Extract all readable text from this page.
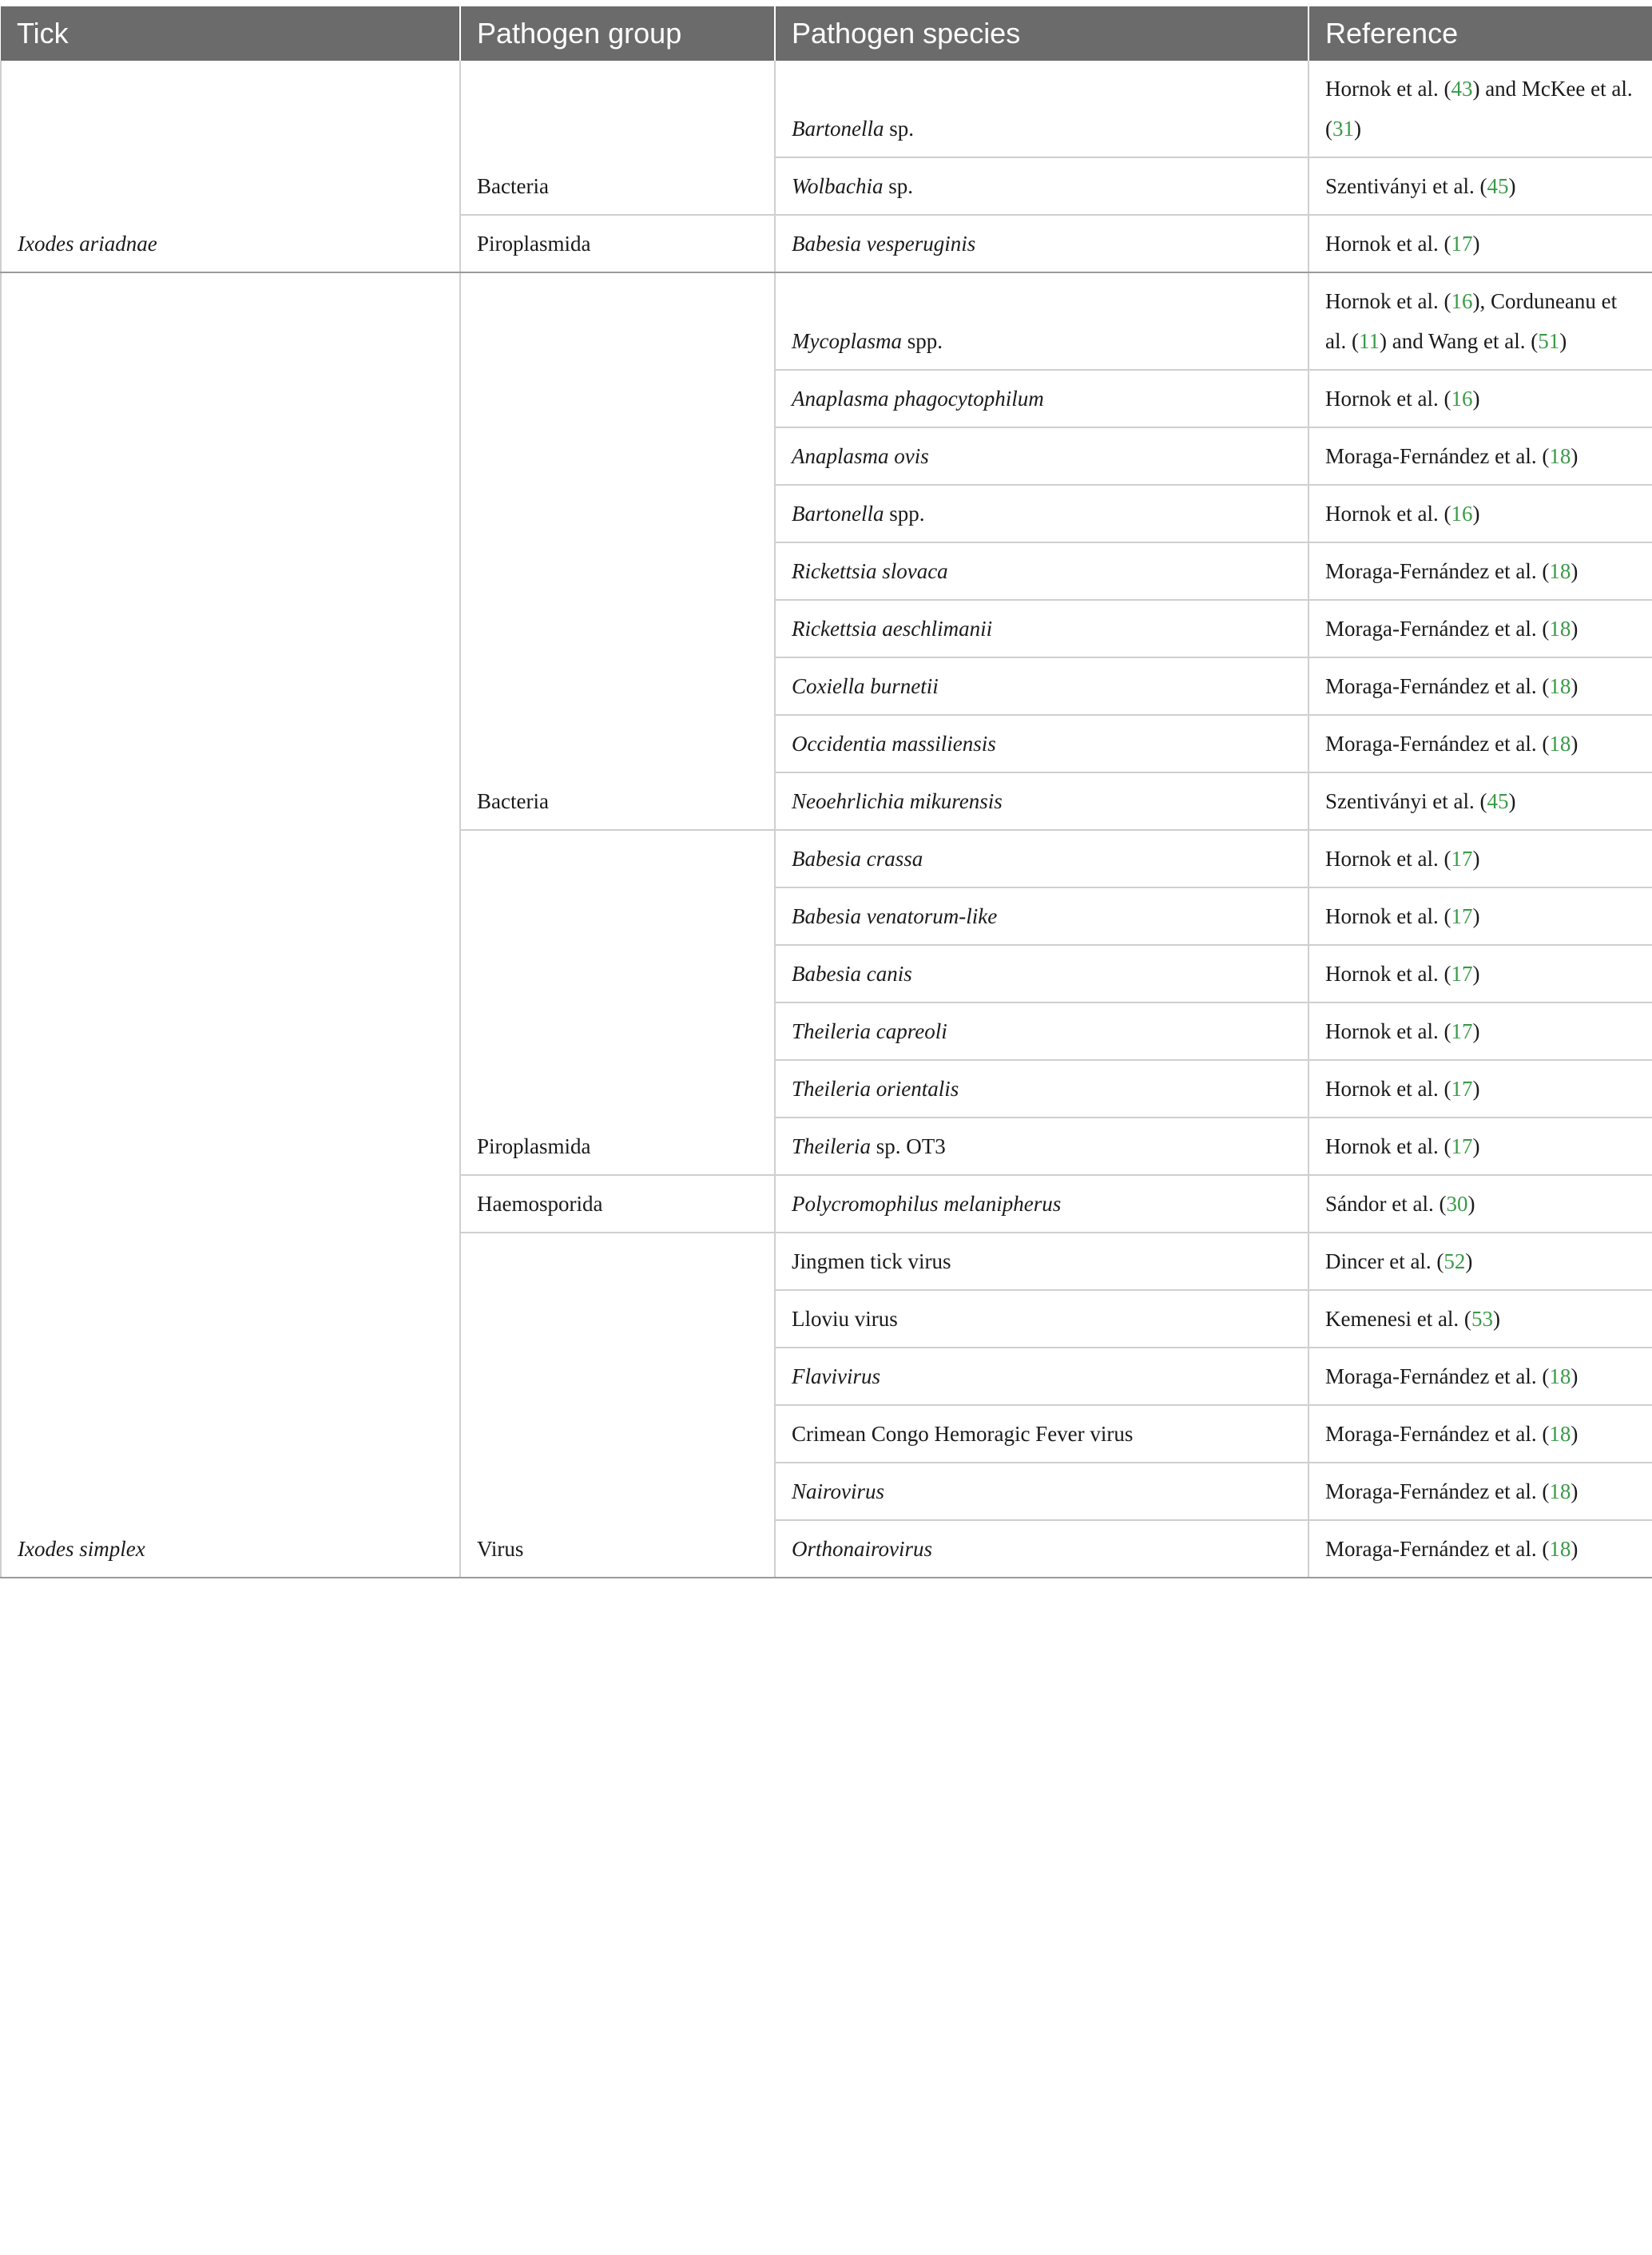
Tick	Pathogen group	Pathogen species	Reference
Ixodes ariadnae	Bacteria	Bartonella sp.	Hornok et al. (43) and McKee et al. (31)
		Wolbachia sp.	Szentiványi et al. (45)
	Piroplasmida	Babesia vesperuginis	Hornok et al. (17)
Ixodes simplex	Bacteria	Mycoplasma spp.	Hornok et al. (16), Corduneanu et al. (11) and Wang et al. (51)
		Anaplasma phagocytophilum	Hornok et al. (16)
		Anaplasma ovis	Moraga-Fernández et al. (18)
		Bartonella spp.	Hornok et al. (16)
		Rickettsia slovaca	Moraga-Fernández et al. (18)
		Rickettsia aeschlimanii	Moraga-Fernández et al. (18)
		Coxiella burnetii	Moraga-Fernández et al. (18)
		Occidentia massiliensis	Moraga-Fernández et al. (18)
		Neoehrlichia mikurensis	Szentiványi et al. (45)
	Piroplasmida	Babesia crassa	Hornok et al. (17)
		Babesia venatorum-like	Hornok et al. (17)
		Babesia canis	Hornok et al. (17)
		Theileria capreoli	Hornok et al. (17)
		Theileria orientalis	Hornok et al. (17)
		Theileria sp. OT3	Hornok et al. (17)
	Haemosporida	Polycromophilus melanipherus	Sándor et al. (30)
	Virus	Jingmen tick virus	Dincer et al. (52)
		Lloviu virus	Kemenesi et al. (53)
		Flavivirus	Moraga-Fernández et al. (18)
		Crimean Congo Hemoragic Fever virus	Moraga-Fernández et al. (18)
		Nairovirus	Moraga-Fernández et al. (18)
		Orthonairovirus	Moraga-Fernández et al. (18)
